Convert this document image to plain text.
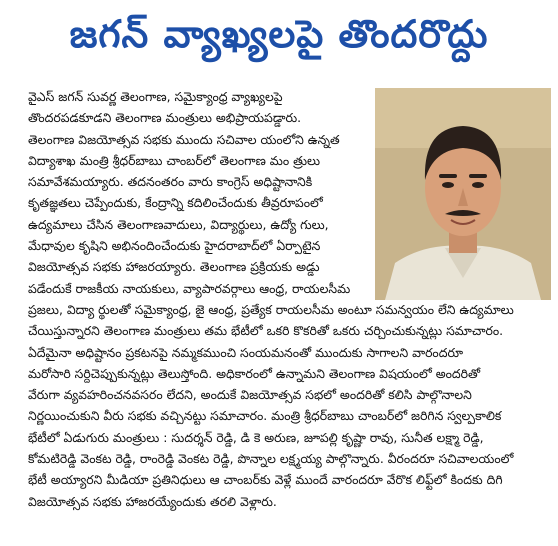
జగన్ వ్యాఖ్యలపై తొందరొద్దు
వైఎస్ జగన్ సువర్ణ తెలంగాణ, సమైక్యాంధ్ర వ్యాఖ్యలపై
తొందరపడకూడని తెలంగాణ మంత్రులు అభిప్రాయపడ్డారు.
తెలంగాణ విజయోత్సవ సభకు ముందు సచివాల యంలోని ఉన్నత
విద్యాశాఖ మంత్రి శ్రీధర్‌బాబు చాంబర్‌లో తెలంగాణ మం త్రులు
సమావేశమయ్యారు. తదనంతరం వారు కాంగ్రెస్ అధిష్టానానికి
కృతజ్ఞతలు చెప్పేందుకు, కేంద్రాన్ని కదిలించేందుకు తీవ్రరూపంలో
ఉద్యమాలు చేసిన తెలంగాణవాదులు, విద్యార్థులు, ఉద్యో గులు,
మేధావుల కృషిని అభినందించేందుకు హైదరాబాద్‌లో ఏర్పాటైన
విజయోత్సవ సభకు హాజరయ్యారు. తెలంగాణ ప్రక్రియకు అడ్డు
పడేందుకే రాజకీయ నాయకులు, వ్యాపారవర్గాలు ఆంధ్ర, రాయలసీమ
ప్రజలు, విద్యా ర్థులతో సమైక్యాంధ్ర, జై ఆంధ్ర, ప్రత్యేక రాయలసీమ అంటూ సమన్వయం లేని ఉద్యమాలు
చేయిస్తున్నారని తెలంగాణ మంత్రులు తమ భేటీలో ఒకరి కొకరితో ఒకరు చర్చించుకున్నట్లు సమాచారం.
ఏదేమైనా అధిష్టానం ప్రకటనపై నమ్మకముంచి సంయమనంతో ముందుకు సాగాలని వారందరూ
మరోసారి సర్దిచెప్పుకున్నట్లు తెలుస్తోంది. అధికారంలో ఉన్నామని తెలంగాణ విషయంలో అందరితో
వేరుగా వ్యవహరించనవసరం లేదని, అందుకే విజయోత్సవ సభలో అందరితో కలిసి పాల్గొనాలని
నిర్ణయించుకుని వీరు సభకు వచ్చినట్టు సమాచారం. మంత్రి శ్రీధర్‌బాబు చాంబర్‌లో జరిగిన స్వల్పకాలిక
భేటీలో ఏడుగురు మంత్రులు : సుదర్శన్ రెడ్డి, డి కె అరుణ, జూపల్లి కృష్ణా రావు, సునీత లక్ష్మా రెడ్డి,
కోమటిరెడ్డి వెంకట రెడ్డి, రాంరెడ్డి వెంకట రెడ్డి, పొన్నాల లక్ష్మయ్య పాల్గొన్నారు. వీరందరూ సచివాలయంలో
భేటీ అయ్యారని మీడియా ప్రతినిధులు ఆ చాంబర్‌కు వెళ్లే ముందే వారందరూ వేరొక లిఫ్ట్‌లో కిందకు దిగి
విజయోత్సవ సభకు హాజరయ్యేందుకు తరలి వెళ్లారు.
